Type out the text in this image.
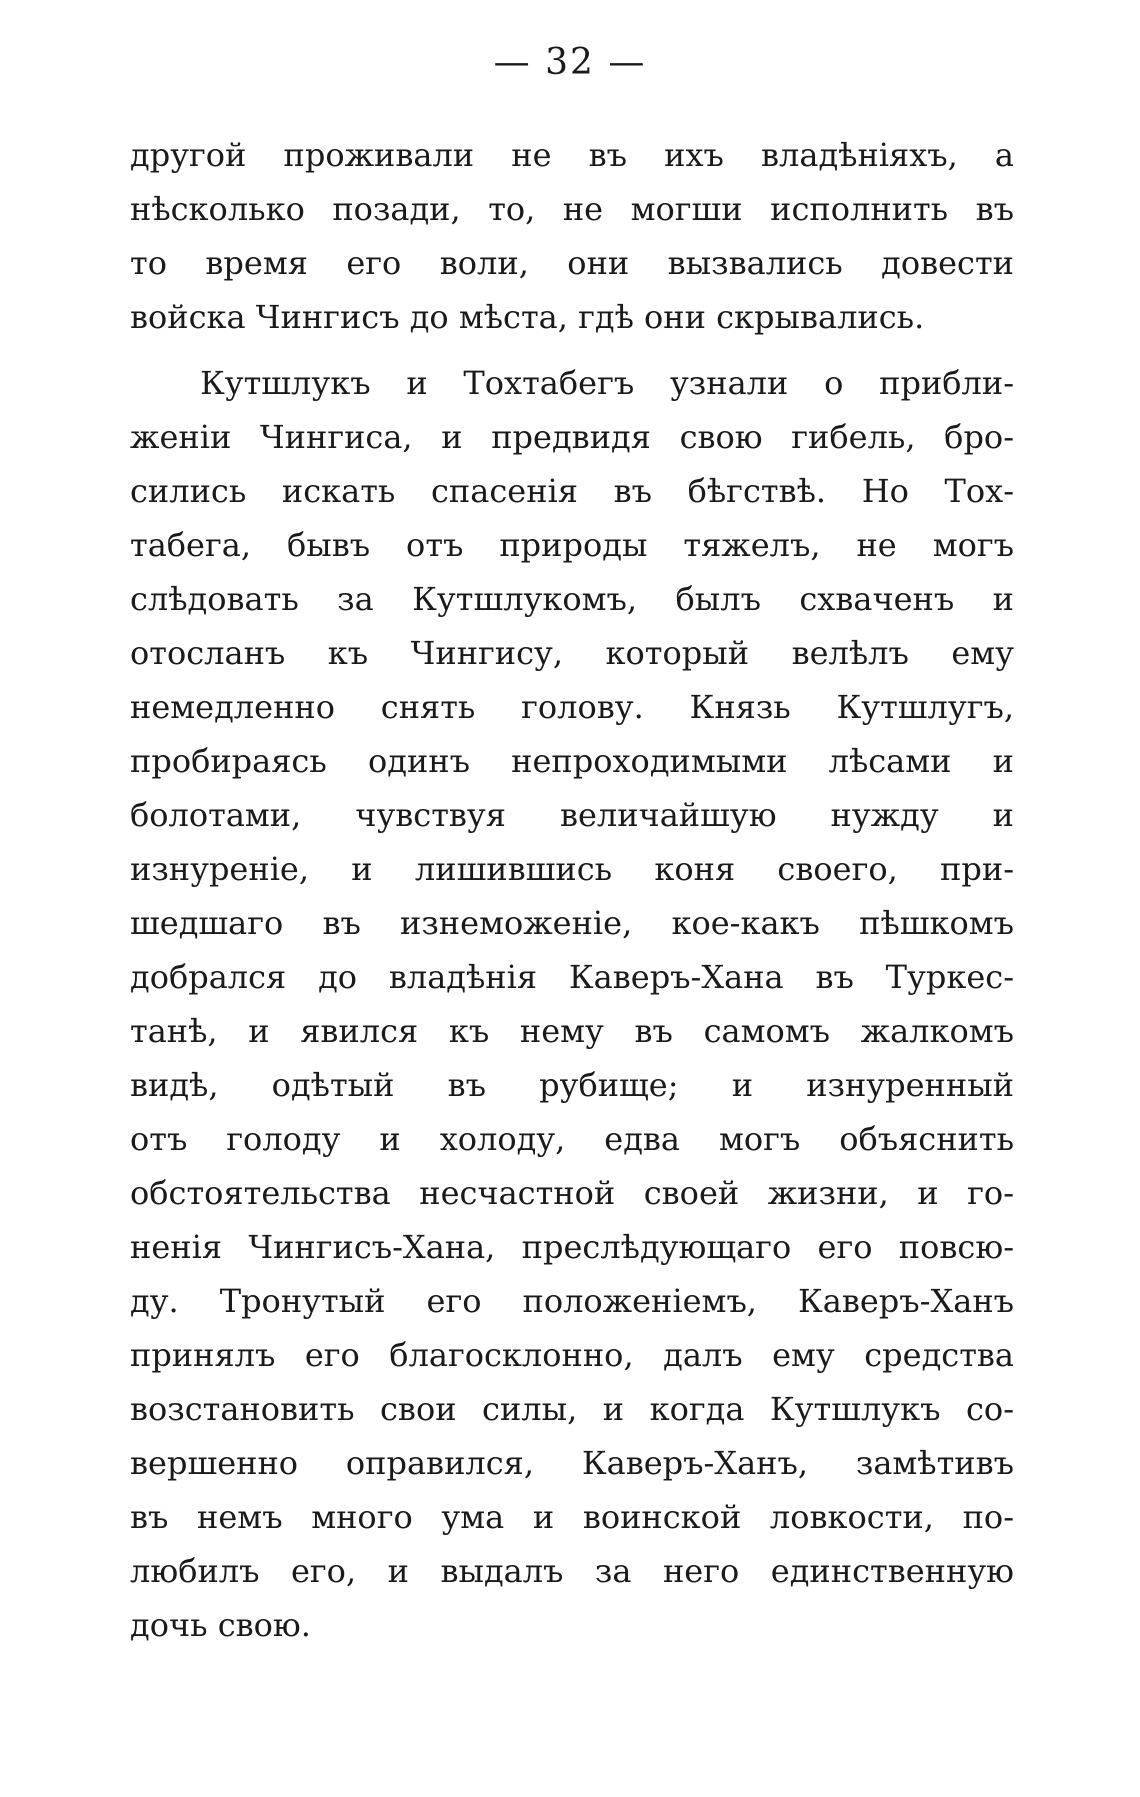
— 32 —
другой проживали не въ ихъ владѣніяхъ, а
нѣсколько позади, то, не могши исполнить въ
то время его воли, они вызвались довести
войска Чингисъ до мѣста, гдѣ они скрывались.
Кутшлукъ и Тохтабегъ узнали о прибли-
женіи Чингиса, и предвидя свою гибель, бро-
сились искать спасенія въ бѣгствѣ. Но Тох-
табега, бывъ отъ природы тяжелъ, не могъ
слѣдовать за Кутшлукомъ, былъ схваченъ и
отосланъ къ Чингису, который велѣлъ ему
немедленно снять голову. Князь Кутшлугъ,
пробираясь одинъ непроходимыми лѣсами и
болотами, чувствуя величайшую нужду и
изнуреніе, и лишившись коня своего, при-
шедшаго въ изнеможеніе, кое-какъ пѣшкомъ
добрался до владѣнія Каверъ-Хана въ Туркес-
танѣ, и явился къ нему въ самомъ жалкомъ
видѣ, одѣтый въ рубище; и изнуренный
отъ голоду и холоду, едва могъ объяснить
обстоятельства несчастной своей жизни, и го-
ненія Чингисъ-Хана, преслѣдующаго его повсю-
ду. Тронутый его положеніемъ, Каверъ-Ханъ
принялъ его благосклонно, далъ ему средства
возстановить свои силы, и когда Кутшлукъ со-
вершенно оправился, Каверъ-Ханъ, замѣтивъ
въ немъ много ума и воинской ловкости, по-
любилъ его, и выдалъ за него единственную
дочь свою.
